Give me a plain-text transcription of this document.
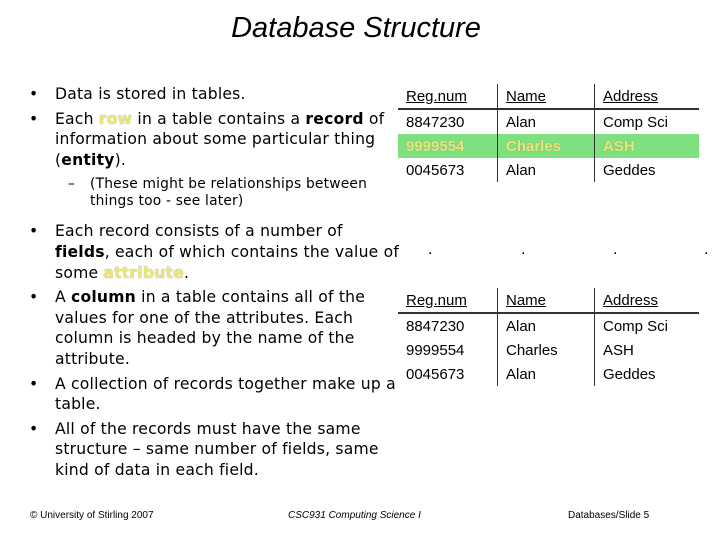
Database Structure
• Data is stored in tables.
• Each row in a table contains a record of information about some particular thing (entity).
– (These might be relationships between things too - see later)
• Each record consists of a number of fields, each of which contains the value of some attribute.
• A column in a table contains all of the values for one of the attributes. Each column is headed by the name of the attribute.
• A collection of records together make up a table.
• All of the records must have the same structure – same number of fields, same kind of data in each field.
Reg.num	Name	Address
8847230	Alan	Comp Sci
9999554	Charles	ASH
0045673	Alan	Geddes
.	.	.	.
Reg.num	Name	Address
8847230	Alan	Comp Sci
9999554	Charles	ASH
0045673	Alan	Geddes
© University of Stirling 2007	CSC931 Computing Science I	Databases/Slide 5
